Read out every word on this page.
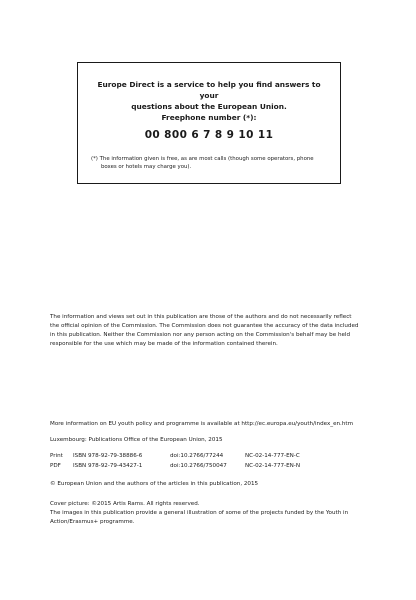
Europe Direct is a service to help you find answers to your
questions about the European Union.
Freephone number (*):
00 800 6 7 8 9 10 11
(*) The information given is free, as are most calls (though some operators, phone
boxes or hotels may charge you).
The information and views set out in this publication are those of the authors and do not necessarily reflect
the official opinion of the Commission. The Commission does not guarantee the accuracy of the data included
in this publication. Neither the Commission nor any person acting on the Commission's behalf may be held
responsible for the use which may be made of the information contained therein.
More information on EU youth policy and programme is available at http://ec.europa.eu/youth/index_en.htm
Luxembourg: Publications Office of the European Union, 2015
Print ISBN 978-92-79-38886-6	doi:10.2766/77244	NC-02-14-777-EN-C
PDF ISBN 978-92-79-43427-1	doi:10.2766/750047	NC-02-14-777-EN-N
© European Union and the authors of the articles in this publication, 2015
Cover picture: ©2015 Artis Rams. All rights reserved.
The images in this publication provide a general illustration of some of the projects funded by the Youth in
Action/Erasmus+ programme.
